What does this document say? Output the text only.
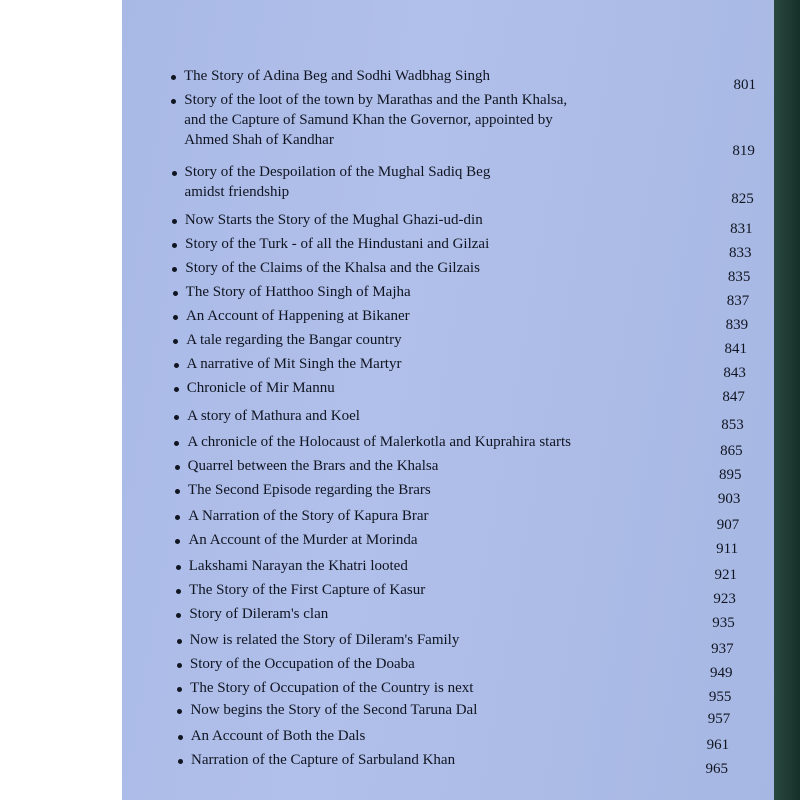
The Story of Adina Beg and Sodhi Wadbhag Singh
801
Story of the loot of the town by Marathas and the Panth Khalsa,
and the Capture of Samund Khan the Governor, appointed by
Ahmed Shah of Kandhar
819
Story of the Despoilation of the Mughal Sadiq Beg
amidst friendship	825
Now Starts the Story of the Mughal Ghazi-ud-din
831
Story of the Turk - of all the Hindustani and Gilzai
833
Story of the Claims of the Khalsa and the Gilzais
835
The Story of Hatthoo Singh of Majha
837
An Account of Happening at Bikaner
839
A tale regarding the Bangar country
841
A narrative of Mit Singh the Martyr
843
Chronicle of Mir Mannu
847
A story of Mathura and Koel
853
A chronicle of the Holocaust of Malerkotla and Kuprahira starts
865
Quarrel between the Brars and the Khalsa
895
The Second Episode regarding the Brars
903
A Narration of the Story of Kapura Brar
907
An Account of the Murder at Morinda
911
Lakshami Narayan the Khatri looted
921
The Story of the First Capture of Kasur
923
Story of Dileram's clan
935
Now is related the Story of Dileram's Family
937
Story of the Occupation of the Doaba
949
The Story of Occupation of the Country is next
955
Now begins the Story of the Second Taruna Dal
957
An Account of Both the Dals
961
Narration of the Capture of Sarbuland Khan
965
